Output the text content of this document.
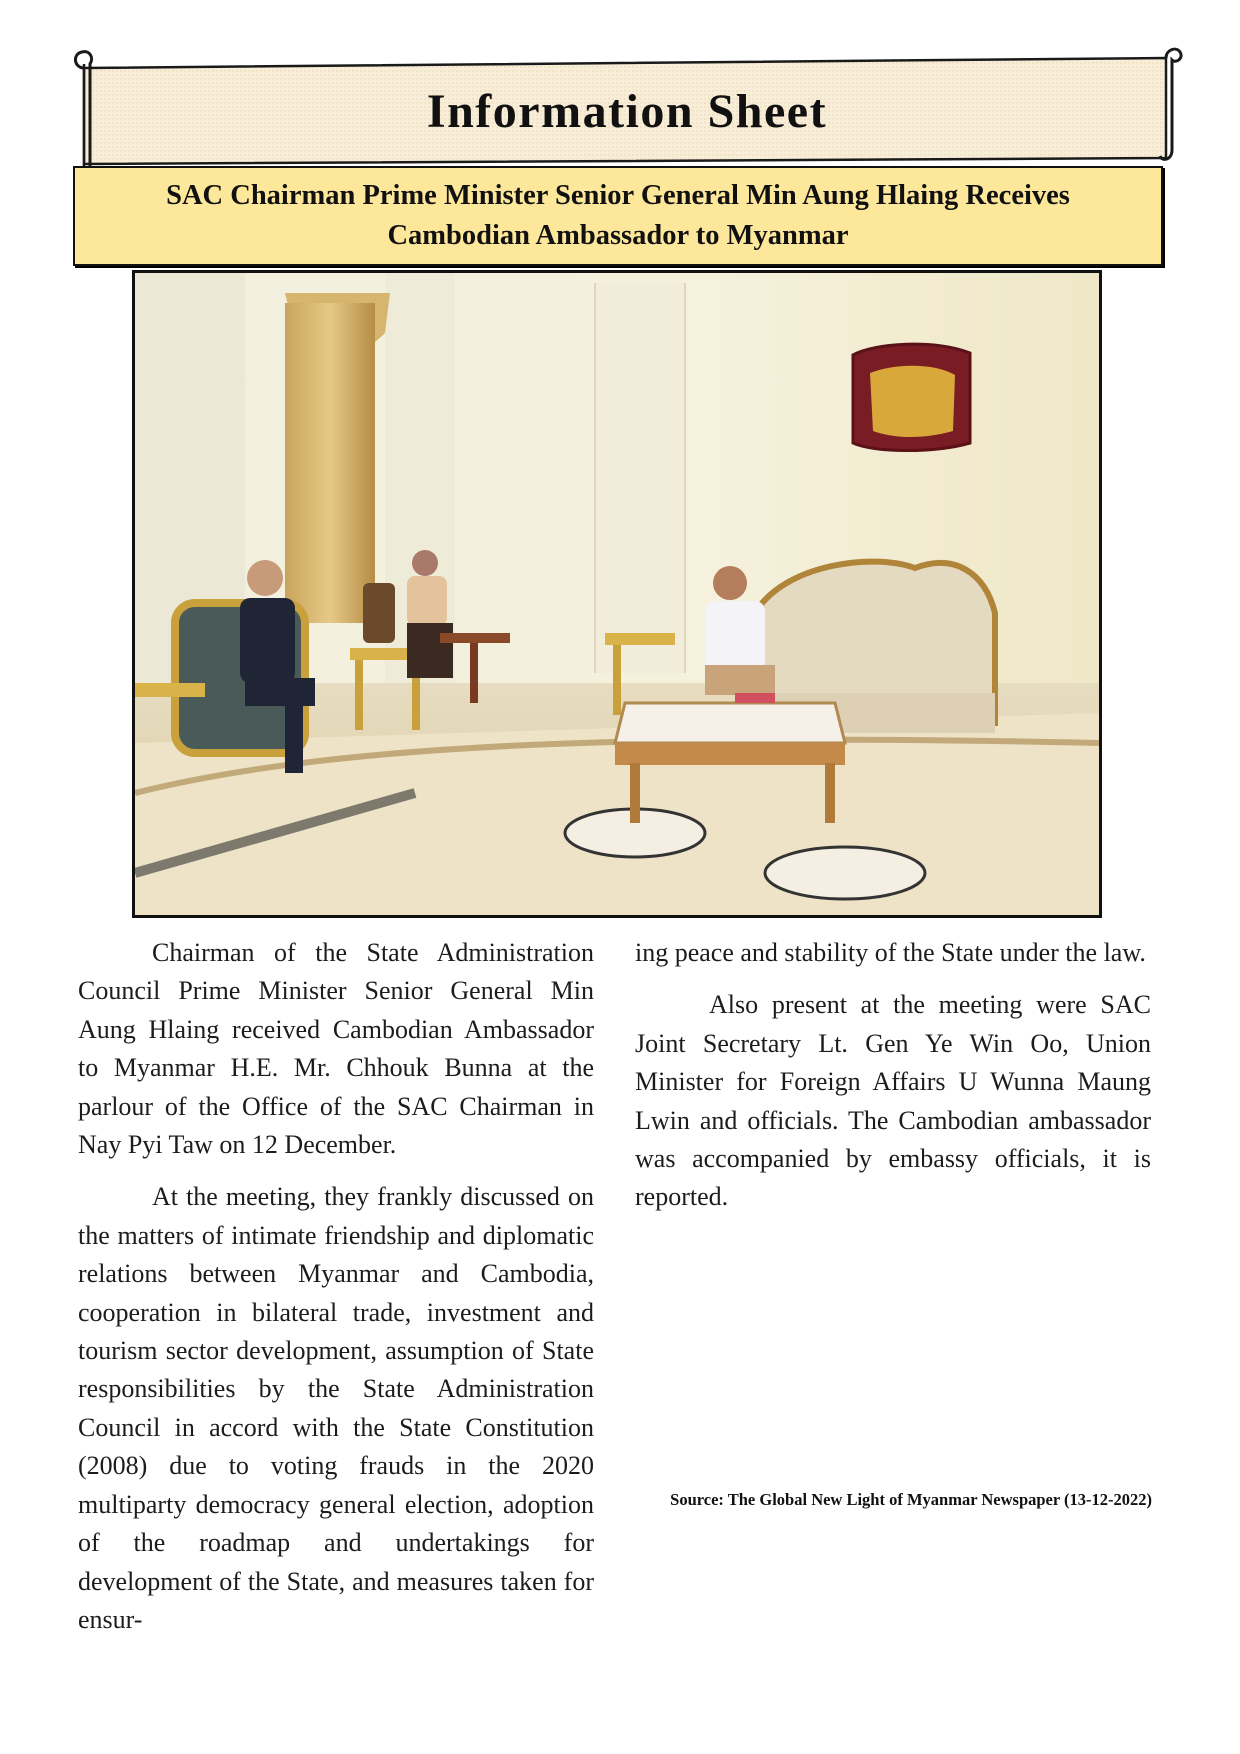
Information Sheet

SAC Chairman Prime Minister Senior General Min Aung Hlaing Receives
Cambodian Ambassador to Myanmar

Chairman of the State Administration Council Prime Minister Senior General Min Aung Hlaing received Cambodian Ambassador to Myanmar H.E. Mr. Chhouk Bunna at the parlour of the Office of the SAC Chairman in Nay Pyi Taw on 12 December.

At the meeting, they frankly discussed on the matters of intimate friendship and diplomatic relations between Myanmar and Cambodia, cooperation in bilateral trade, investment and tourism sector development, assumption of State responsibilities by the State Administration Council in accord with the State Constitution (2008) due to voting frauds in the 2020 multiparty democracy general election, adoption of the roadmap and undertakings for development of the State, and measures taken for ensur-

ing peace and stability of the State under the law.

Also present at the meeting were SAC Joint Secretary Lt. Gen Ye Win Oo, Union Minister for Foreign Affairs U Wunna Maung Lwin and officials. The Cambodian ambassador was accompanied by embassy officials, it is reported.

Source: The Global New Light of Myanmar Newspaper (13-12-2022)
